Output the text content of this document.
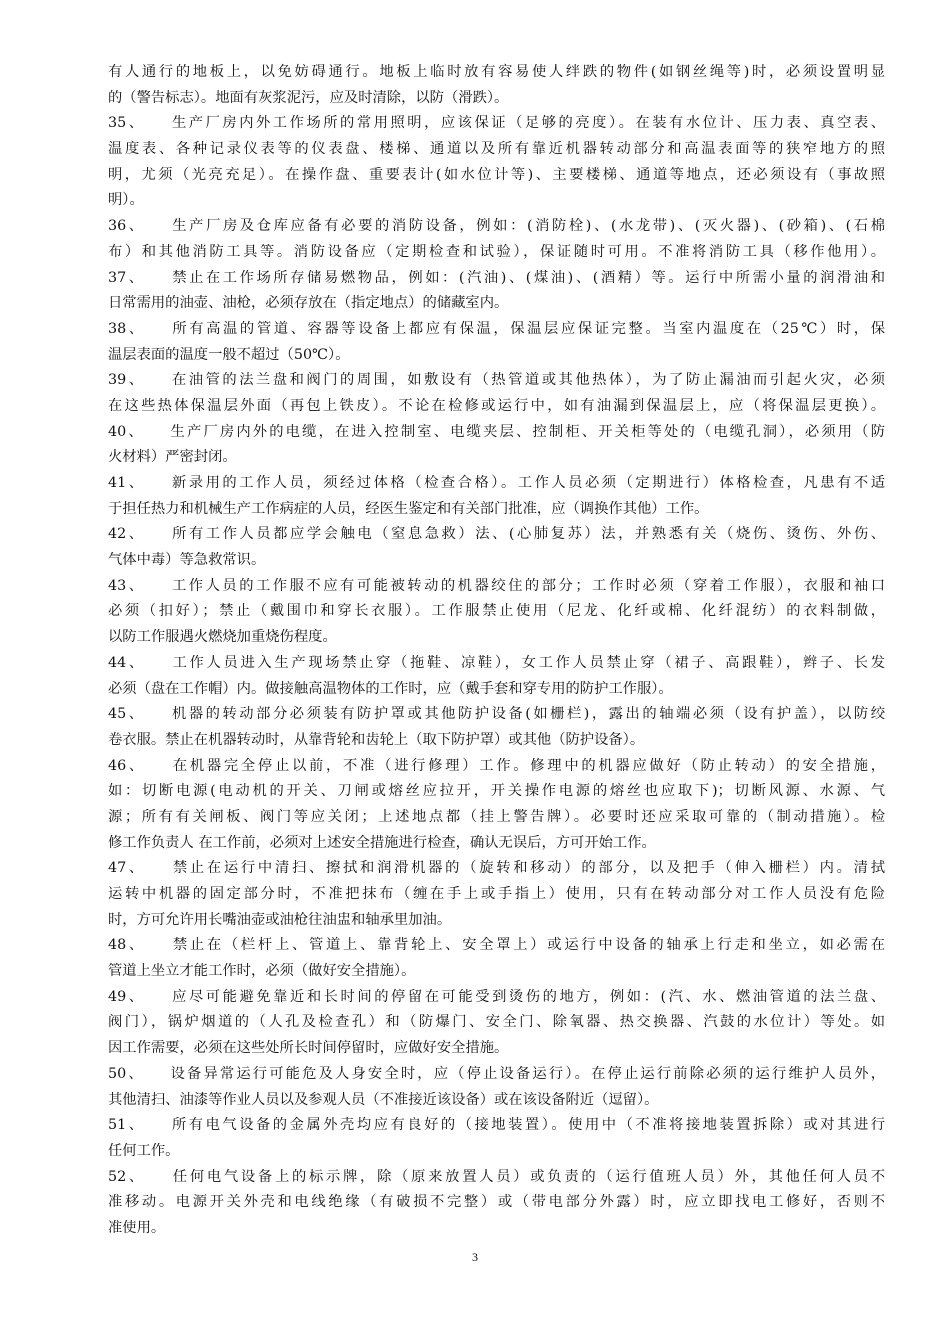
有人通行的地板上，以免妨碍通行。地板上临时放有容易使人绊跌的物件(如钢丝绳等)时，必须设置明显
的（警告标志）。地面有灰浆泥污，应及时清除，以防（滑跌）。
35、　　生产厂房内外工作场所的常用照明，应该保证（足够的亮度）。在装有水位计、压力表、真空表、
温度表、各种记录仪表等的仪表盘、楼梯、通道以及所有靠近机器转动部分和高温表面等的狭窄地方的照
明，尤须（光亮充足）。在操作盘、重要表计(如水位计等)、主要楼梯、通道等地点，还必须设有（事故照
明）。
36、　　生产厂房及仓库应备有必要的消防设备，例如：(消防栓)、(水龙带)、(灭火器)、(砂箱)、(石棉
布）和其他消防工具等。消防设备应（定期检查和试验），保证随时可用。不准将消防工具（移作他用）。
37、　　禁止在工作场所存储易燃物品，例如：(汽油)、(煤油)、(酒精）等。运行中所需小量的润滑油和
日常需用的油壶、油枪，必须存放在（指定地点）的储藏室内。
38、　　所有高温的管道、容器等设备上都应有保温，保温层应保证完整。当室内温度在（25℃）时，保
温层表面的温度一般不超过（50℃）。
39、　　在油管的法兰盘和阀门的周围，如敷设有（热管道或其他热体），为了防止漏油而引起火灾，必须
在这些热体保温层外面（再包上铁皮）。不论在检修或运行中，如有油漏到保温层上，应（将保温层更换）。
40、　　生产厂房内外的电缆，在进入控制室、电缆夹层、控制柜、开关柜等处的（电缆孔洞），必须用（防
火材料）严密封闭。
41、　　新录用的工作人员，须经过体格（检查合格）。工作人员必须（定期进行）体格检查，凡患有不适
于担任热力和机械生产工作病症的人员，经医生鉴定和有关部门批准，应（调换作其他）工作。
42、　　所有工作人员都应学会触电（窒息急救）法、(心肺复苏）法，并熟悉有关（烧伤、烫伤、外伤、
气体中毒）等急救常识。
43、　　工作人员的工作服不应有可能被转动的机器绞住的部分；工作时必须（穿着工作服），衣服和袖口
必须（扣好）；禁止（戴围巾和穿长衣服）。工作服禁止使用（尼龙、化纤或棉、化纤混纺）的衣料制做，
以防工作服遇火燃烧加重烧伤程度。
44、　　工作人员进入生产现场禁止穿（拖鞋、凉鞋），女工作人员禁止穿（裙子、高跟鞋），辫子、长发
必须（盘在工作帽）内。做接触高温物体的工作时，应（戴手套和穿专用的防护工作服）。
45、　　机器的转动部分必须装有防护罩或其他防护设备(如栅栏)，露出的轴端必须（设有护盖），以防绞
卷衣服。禁止在机器转动时，从靠背轮和齿轮上（取下防护罩）或其他（防护设备）。
46、　　在机器完全停止以前，不准（进行修理）工作。修理中的机器应做好（防止转动）的安全措施，
如：切断电源(电动机的开关、刀闸或熔丝应拉开，开关操作电源的熔丝也应取下)；切断风源、水源、气
源；所有有关闸板、阀门等应关闭；上述地点都（挂上警告牌）。必要时还应采取可靠的（制动措施）。检
修工作负责人 在工作前，必须对上述安全措施进行检查，确认无误后，方可开始工作。
47、　　禁止在运行中清扫、擦拭和润滑机器的（旋转和移动）的部分，以及把手（伸入栅栏）内。清拭
运转中机器的固定部分时，不准把抹布（缠在手上或手指上）使用，只有在转动部分对工作人员没有危险
时，方可允许用长嘴油壶或油枪往油盅和轴承里加油。
48、　　禁止在（栏杆上、管道上、靠背轮上、安全罩上）或运行中设备的轴承上行走和坐立，如必需在
管道上坐立才能工作时，必须（做好安全措施）。
49、　　应尽可能避免靠近和长时间的停留在可能受到烫伤的地方，例如：(汽、水、燃油管道的法兰盘、
阀门），锅炉烟道的（人孔及检查孔）和（防爆门、安全门、除氧器、热交换器、汽鼓的水位计）等处。如
因工作需要，必须在这些处所长时间停留时，应做好安全措施。
50、　　设备异常运行可能危及人身安全时，应（停止设备运行）。在停止运行前除必须的运行维护人员外，
其他清扫、油漆等作业人员以及参观人员（不准接近该设备）或在该设备附近（逗留）。
51、　　所有电气设备的金属外壳均应有良好的（接地装置）。使用中（不准将接地装置拆除）或对其进行
任何工作。
52、　　任何电气设备上的标示牌，除（原来放置人员）或负责的（运行值班人员）外，其他任何人员不
准移动。电源开关外壳和电线绝缘（有破损不完整）或（带电部分外露）时，应立即找电工修好，否则不
准使用。
3
